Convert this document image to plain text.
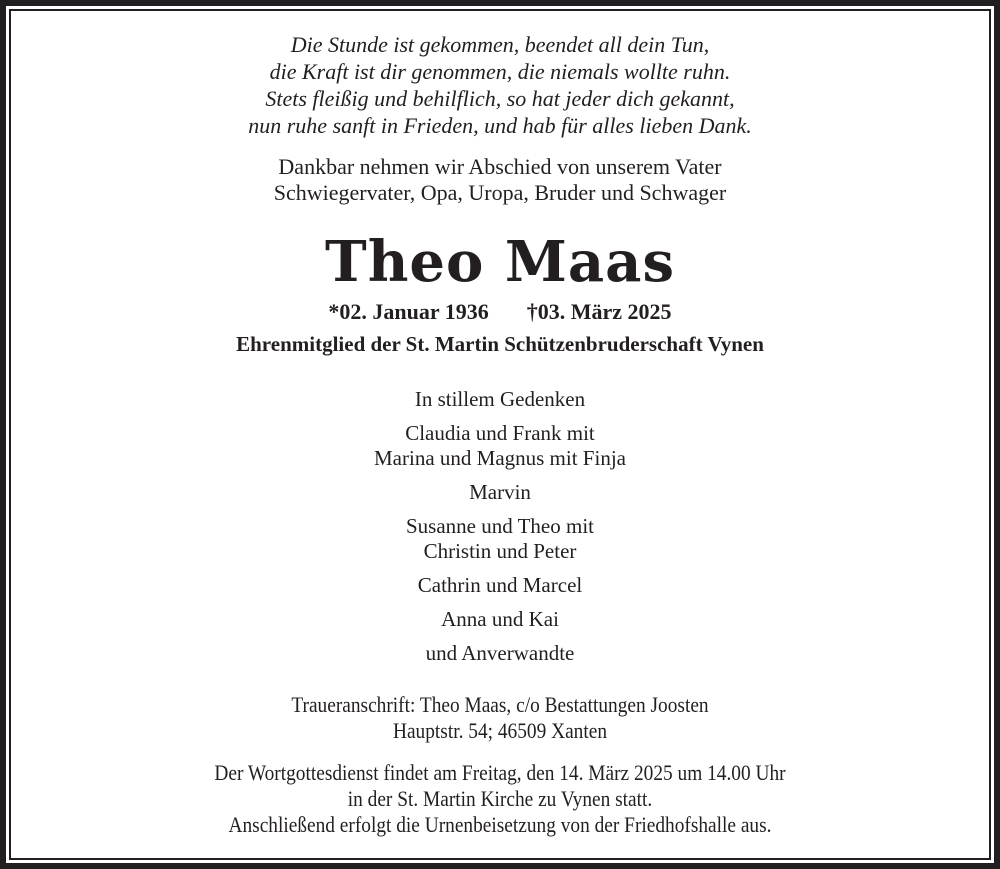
Die Stunde ist gekommen, beendet all dein Tun,

die Kraft ist dir genommen, die niemals wollte ruhn.

Stets fleißig und behilflich, so hat jeder dich gekannt,

nun ruhe sanft in Frieden, und hab für alles lieben Dank.

Dankbar nehmen wir Abschied von unserem Vater

Schwiegervater, Opa, Uropa, Bruder und Schwager

Theo Maas

*02. Januar 1936 †03. März 2025

Ehrenmitglied der St. Martin Schützenbruderschaft Vynen

In stillem Gedenken

Claudia und Frank mit

Marina und Magnus mit Finja

Marvin

Susanne und Theo mit

Christin und Peter

Cathrin und Marcel

Anna und Kai

und Anverwandte

Traueranschrift: Theo Maas, c/o Bestattungen Joosten

Hauptstr. 54; 46509 Xanten

Der Wortgottesdienst findet am Freitag, den 14. März 2025 um 14.00 Uhr

in der St. Martin Kirche zu Vynen statt.

Anschließend erfolgt die Urnenbeisetzung von der Friedhofshalle aus.
